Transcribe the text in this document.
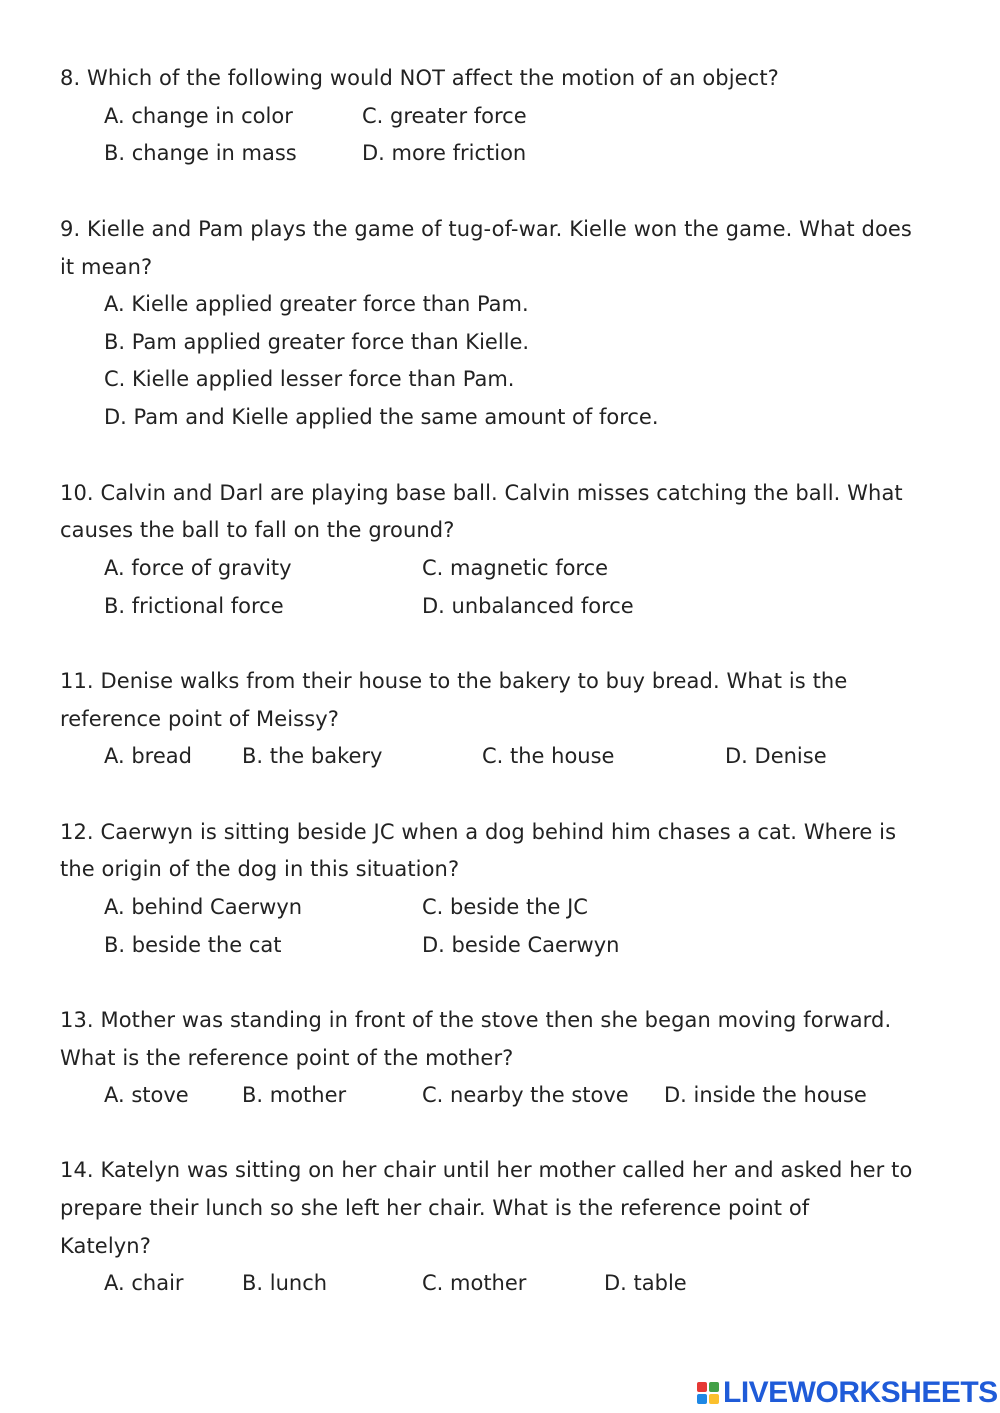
8. Which of the following would NOT affect the motion of an object?
A. change in color	C. greater force
B. change in mass	D. more friction
9. Kielle and Pam plays the game of tug-of-war. Kielle won the game. What does
it mean?
A. Kielle applied greater force than Pam.
B. Pam applied greater force than Kielle.
C. Kielle applied lesser force than Pam.
D. Pam and Kielle applied the same amount of force.
10. Calvin and Darl are playing base ball. Calvin misses catching the ball. What
causes the ball to fall on the ground?
A. force of gravity	C. magnetic force
B. frictional force	D. unbalanced force
11. Denise walks from their house to the bakery to buy bread. What is the
reference point of Meissy?
A. bread B. the bakery	C. the house	D. Denise
12. Caerwyn is sitting beside JC when a dog behind him chases a cat. Where is
the origin of the dog in this situation?
A. behind Caerwyn	C. beside the JC
B. beside the cat	D. beside Caerwyn
13. Mother was standing in front of the stove then she began moving forward.
What is the reference point of the mother?
A. stove	B. mother	C. nearby the stove D. inside the house
14. Katelyn was sitting on her chair until her mother called her and asked her to
prepare their lunch so she left her chair. What is the reference point of
Katelyn?
A. chair	B. lunch	C. mother	D. table
LIVEWORKSHEETS
